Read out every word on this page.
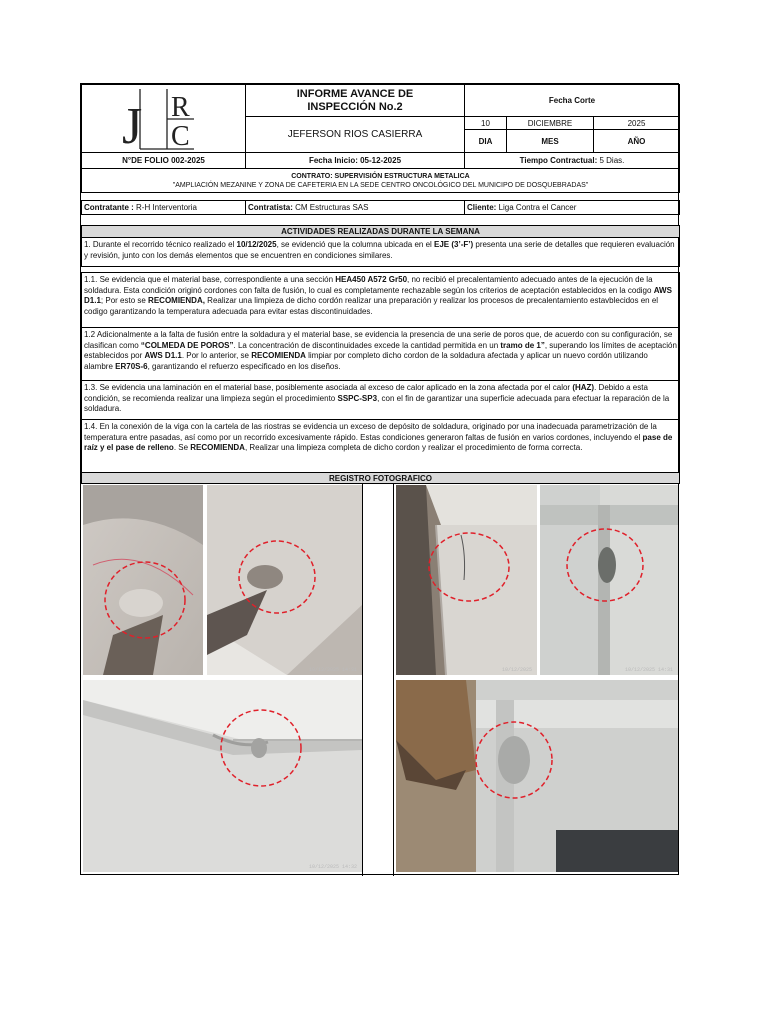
J R
C
INFORME AVANCE DE
INSPECCIÓN No.2
JEFERSON RIOS CASIERRA
Fecha Corte
10	DICIEMBRE	2025
DIA	MES	AÑO
N°DE FOLIO 002-2025	Fecha Inicio: 05-12-2025	Tiempo Contractual: 5 Dias.
CONTRATO: SUPERVISIÓN ESTRUCTURA METALICA
"AMPLIACIÓN MEZANINE Y ZONA DE CAFETERIA EN LA SEDE CENTRO ONCOLÓGICO DEL MUNICIPO DE DOSQUEBRADAS"
Contratante : R-H Interventoria	Contratista: CM Estructuras SAS	Cliente: Liga Contra el Cancer
ACTIVIDADES REALIZADAS DURANTE LA SEMANA
1. Durante el recorrido técnico realizado el 10/12/2025, se evidenció que la columna ubicada en el EJE (3’-F’) presenta una serie de detalles que requieren evaluación y revisión, junto con los demás elementos que se encuentren en condiciones similares.
1.1. Se evidencia que el material base, correspondiente a una sección HEA450 A572 Gr50, no recibió el precalentamiento adecuado antes de la ejecución de la soldadura. Esta condición originó cordones con falta de fusión, lo cual es completamente rechazable según los criterios de aceptación establecidos en la codigo AWS D1.1; Por esto se RECOMIENDA, Realizar una limpieza de dicho cordón realizar una preparación y realizar los procesos de precalentamiento estavblecidos en el codigo garantizando la temperatura adecuada para evitar estas discontinuidades.
1.2 Adicionalmente a la falta de fusión entre la soldadura y el material base, se evidencia la presencia de una serie de poros que, de acuerdo con su configuración, se clasifican como “COLMEDA DE POROS”. La concentración de discontinuidades excede la cantidad permitida en un tramo de 1”, superando los límites de aceptación establecidos por AWS D1.1. Por lo anterior, se RECOMIENDA limpiar por completo dicho cordon de la soldadura afectada y aplicar un nuevo cordón utilizando alambre ER70S-6, garantizando el refuerzo especificado en los diseños.
1.3. Se evidencia una laminación en el material base, posiblemente asociada al exceso de calor aplicado en la zona afectada por el calor (HAZ). Debido a esta condición, se recomienda realizar una limpieza según el procedimiento SSPC-SP3, con el fin de garantizar una superficie adecuada para efectuar la reparación de la soldadura.
1.4. En la conexión de la viga con la cartela de las riostras se evidencia un exceso de depósito de soldadura, originado por una inadecuada parametrización de la temperatura entre pasadas, así como por un recorrido excesivamente rápido. Estas condiciones generaron faltas de fusión en varios cordones, incluyendo el pase de raíz y el pase de relleno. Se RECOMIENDA, Realizar una limpieza completa de dicho cordon y realizar el procedimiento de forma correcta.
REGISTRO FOTOGRAFICO
10/12/2025 14:31	10/12/2025	10/12/2025 14:31
10/12/2025 14:32
